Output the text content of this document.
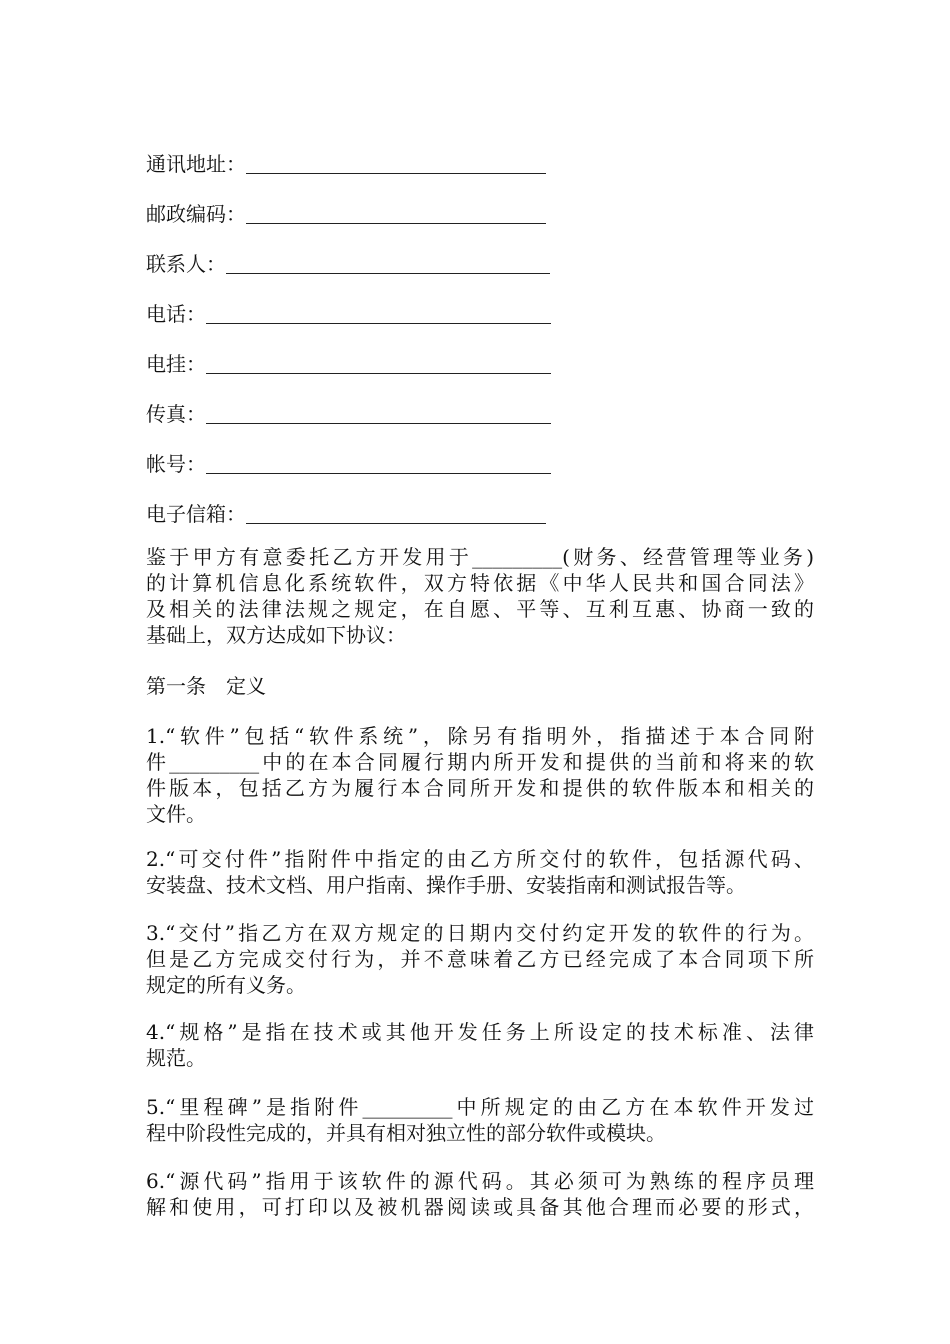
通讯地址：
邮政编码：
联系人：
电话：
电挂：
传真：
帐号：
电子信箱：
鉴于甲方有意委托乙方开发用于_________(财务、经营管理等业务)
的计算机信息化系统软件，双方特依据《中华人民共和国合同法》
及相关的法律法规之规定，在自愿、平等、互利互惠、协商一致的
基础上，双方达成如下协议：
第一条　定义
1.“软件”包括“软件系统”，除另有指明外，指描述于本合同附
件_________中的在本合同履行期内所开发和提供的当前和将来的软
件版本，包括乙方为履行本合同所开发和提供的软件版本和相关的
文件。
2.“可交付件”指附件中指定的由乙方所交付的软件，包括源代码、
安装盘、技术文档、用户指南、操作手册、安装指南和测试报告等。
3.“交付”指乙方在双方规定的日期内交付约定开发的软件的行为。
但是乙方完成交付行为，并不意味着乙方已经完成了本合同项下所
规定的所有义务。
4.“规格”是指在技术或其他开发任务上所设定的技术标准、法律
规范。
5.“里程碑”是指附件_________中所规定的由乙方在本软件开发过
程中阶段性完成的，并具有相对独立性的部分软件或模块。
6.“源代码”指用于该软件的源代码。其必须可为熟练的程序员理
解和使用，可打印以及被机器阅读或具备其他合理而必要的形式，
